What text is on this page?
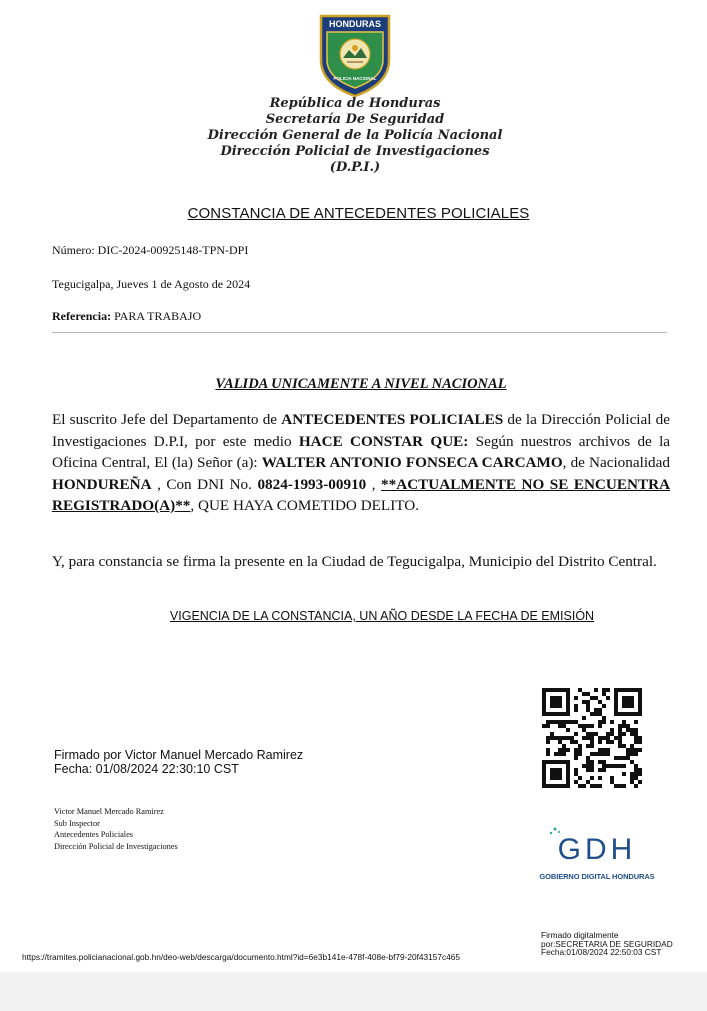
HONDURAS
POLICIA NACIONAL
República de Honduras
Secretaría De Seguridad
Dirección General de la Policía Nacional
Dirección Policial de Investigaciones
(D.P.I.)
CONSTANCIA DE ANTECEDENTES POLICIALES
Número: DIC-2024-00925148-TPN-DPI
Tegucigalpa, Jueves 1 de Agosto de 2024
Referencia: PARA TRABAJO
VALIDA UNICAMENTE A NIVEL NACIONAL
El suscrito Jefe del Departamento de ANTECEDENTES POLICIALES de la Dirección Policial de Investigaciones D.P.I, por este medio HACE CONSTAR QUE: Según nuestros archivos de la Oficina Central, El (la) Señor (a): WALTER ANTONIO FONSECA CARCAMO, de Nacionalidad HONDUREÑA , Con DNI No. 0824-1993-00910 , **ACTUALMENTE NO SE ENCUENTRA REGISTRADO(A)**, QUE HAYA COMETIDO DELITO.
Y, para constancia se firma la presente en la Ciudad de Tegucigalpa, Municipio del Distrito Central.
VIGENCIA DE LA CONSTANCIA, UN AÑO DESDE LA FECHA DE EMISIÓN
Firmado por Victor Manuel Mercado Ramirez
Fecha: 01/08/2024 22:30:10 CST
Victor Manuel Mercado Ramirez
Sub Inspector
Antecedentes Policiales
Dirección Policial de Investigaciones	GDH
GOBIERNO DIGITAL HONDURAS
https://tramites.policianacional.gob.hn/deo-web/descarga/documento.html?id=6e3b141e-478f-408e-bf79-20f43157c465
Firmado digitalmente
por:SECRETARIA DE SEGURIDAD
Fecha:01/08/2024 22:50:03 CST
